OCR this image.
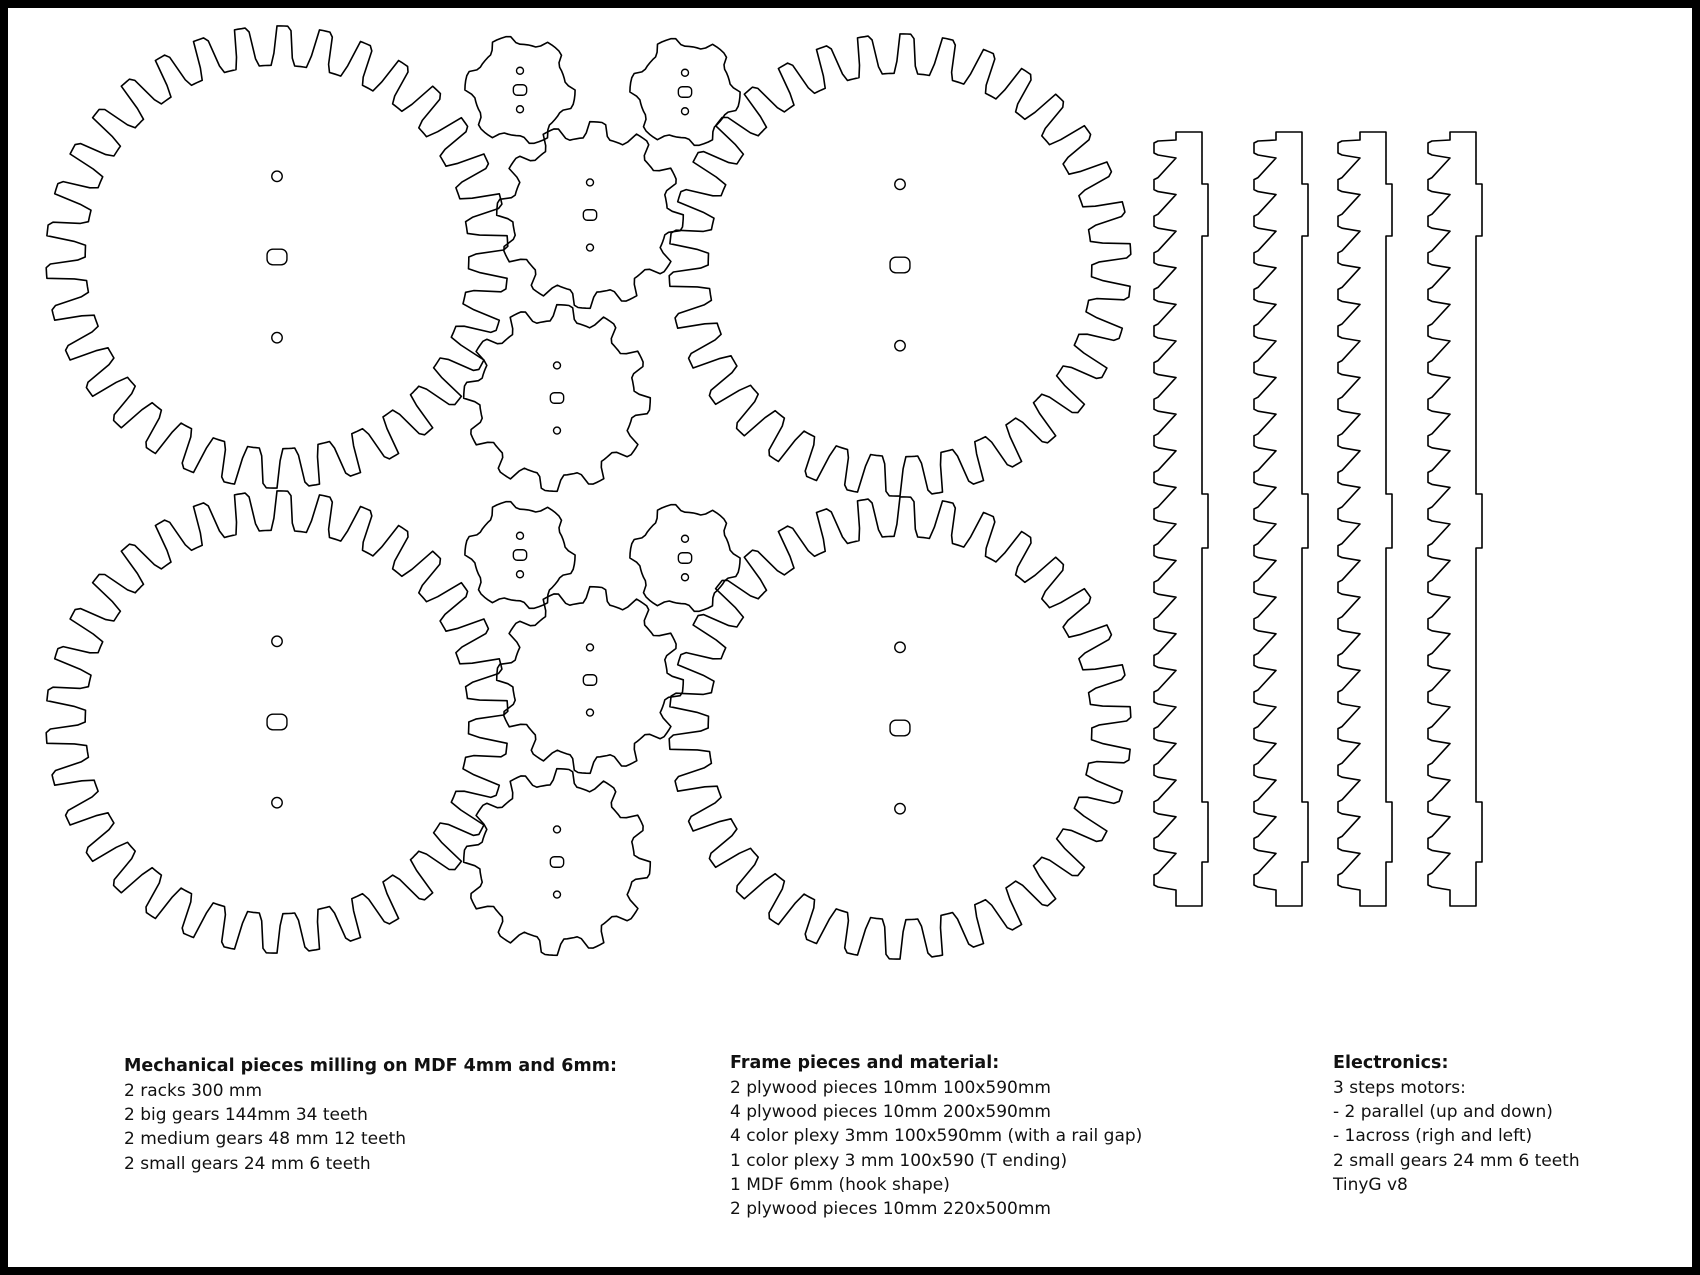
Mechanical pieces milling on MDF 4mm and 6mm:
2 racks 300 mm
2 big gears 144mm 34 teeth
2 medium gears 48 mm 12 teeth
2 small gears 24 mm 6 teeth
Frame pieces and material:
2 plywood pieces 10mm 100x590mm
4 plywood pieces 10mm 200x590mm
4 color plexy 3mm 100x590mm (with a rail gap)
1 color plexy 3 mm 100x590 (T ending)
1 MDF 6mm (hook shape)
2 plywood pieces 10mm 220x500mm
Electronics:
3 steps motors:
- 2 parallel (up and down)
- 1across (righ and left)
2 small gears 24 mm 6 teeth
TinyG v8
